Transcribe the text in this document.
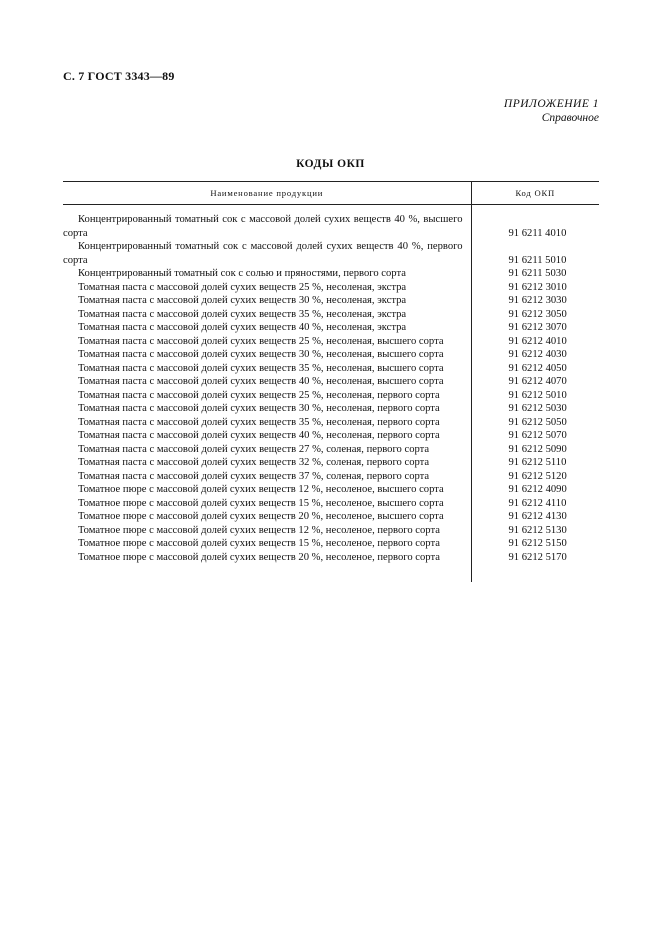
С. 7 ГОСТ 3343—89
ПРИЛОЖЕНИЕ 1
Справочное
КОДЫ ОКП
Наименование продукции	Код ОКП

Концентрированный томатный сок с массовой долей сухих веществ 40 %, высшего сорта	91 6211 4010
Концентрированный томатный сок с массовой долей сухих веществ 40 %, первого сорта	91 6211 5010
Концентрированный томатный сок с солью и пряностями, первого сорта	91 6211 5030
Томатная паста с массовой долей сухих веществ 25 %, несоленая, экстра	91 6212 3010
Томатная паста с массовой долей сухих веществ 30 %, несоленая, экстра	91 6212 3030
Томатная паста с массовой долей сухих веществ 35 %, несоленая, экстра	91 6212 3050
Томатная паста с массовой долей сухих веществ 40 %, несоленая, экстра	91 6212 3070
Томатная паста с массовой долей сухих веществ 25 %, несоленая, высшего сорта	91 6212 4010
Томатная паста с массовой долей сухих веществ 30 %, несоленая, высшего сорта	91 6212 4030
Томатная паста с массовой долей сухих веществ 35 %, несоленая, высшего сорта	91 6212 4050
Томатная паста с массовой долей сухих веществ 40 %, несоленая, высшего сорта	91 6212 4070
Томатная паста с массовой долей сухих веществ 25 %, несоленая, первого сорта	91 6212 5010
Томатная паста с массовой долей сухих веществ 30 %, несоленая, первого сорта	91 6212 5030
Томатная паста с массовой долей сухих веществ 35 %, несоленая, первого сорта	91 6212 5050
Томатная паста с массовой долей сухих веществ 40 %, несоленая, первого сорта	91 6212 5070
Томатная паста с массовой долей сухих веществ 27 %, соленая, первого сорта	91 6212 5090
Томатная паста с массовой долей сухих веществ 32 %, соленая, первого сорта	91 6212 5110
Томатная паста с массовой долей сухих веществ 37 %, соленая, первого сорта	91 6212 5120
Томатное пюре с массовой долей сухих веществ 12 %, несоленое, высшего сорта	91 6212 4090
Томатное пюре с массовой долей сухих веществ 15 %, несоленое, высшего сорта	91 6212 4110
Томатное пюре с массовой долей сухих веществ 20 %, несоленое, высшего сорта	91 6212 4130
Томатное пюре с массовой долей сухих веществ 12 %, несоленое, первого сорта	91 6212 5130
Томатное пюре с массовой долей сухих веществ 15 %, несоленое, первого сорта	91 6212 5150
Томатное пюре с массовой долей сухих веществ 20 %, несоленое, первого сорта	91 6212 5170
